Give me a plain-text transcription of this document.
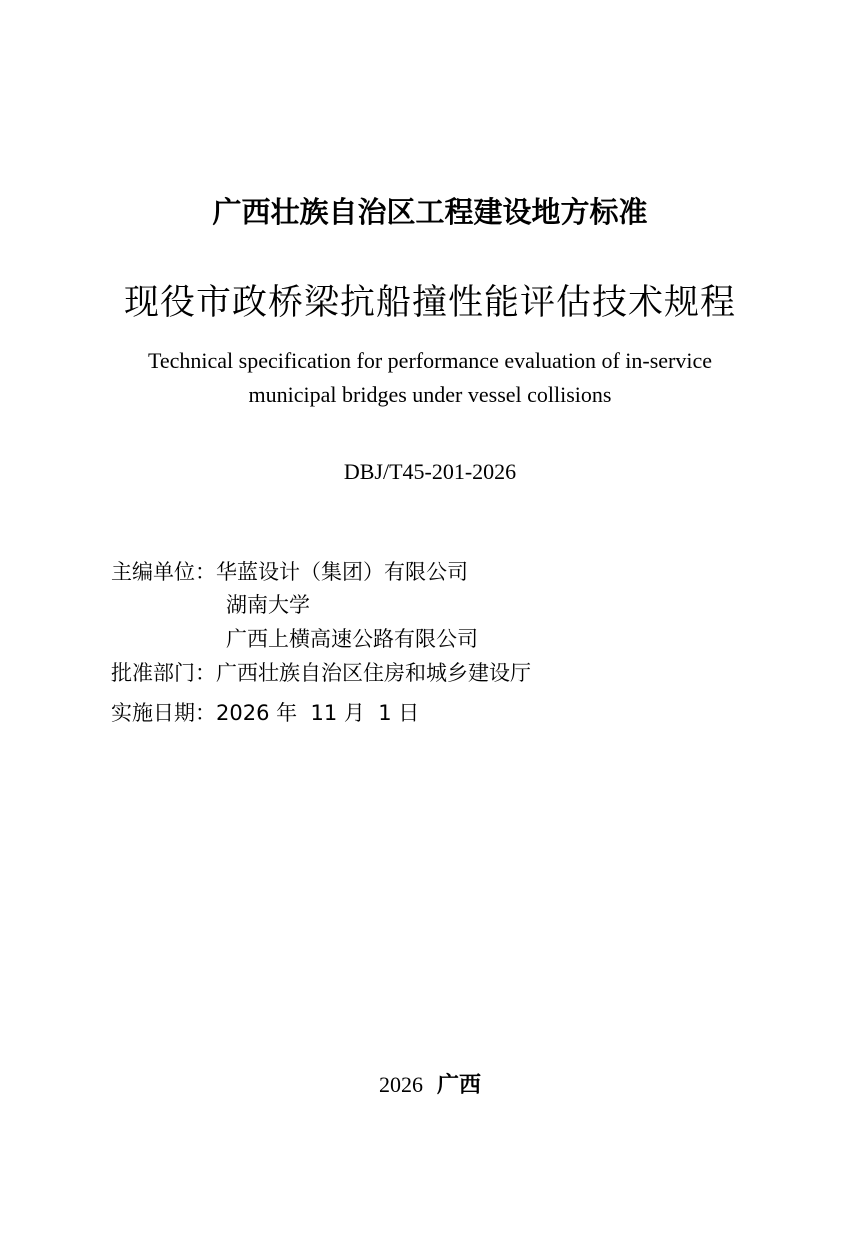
广西壮族自治区工程建设地方标准
现役市政桥梁抗船撞性能评估技术规程
Technical specification for performance evaluation of in-service
municipal bridges under vessel collisions
DBJ/T45-201-2026
主编单位：华蓝设计（集团）有限公司
湖南大学
广西上横高速公路有限公司
批准部门：广西壮族自治区住房和城乡建设厅
实施日期：2026 年  11 月  1 日
2026 广西
